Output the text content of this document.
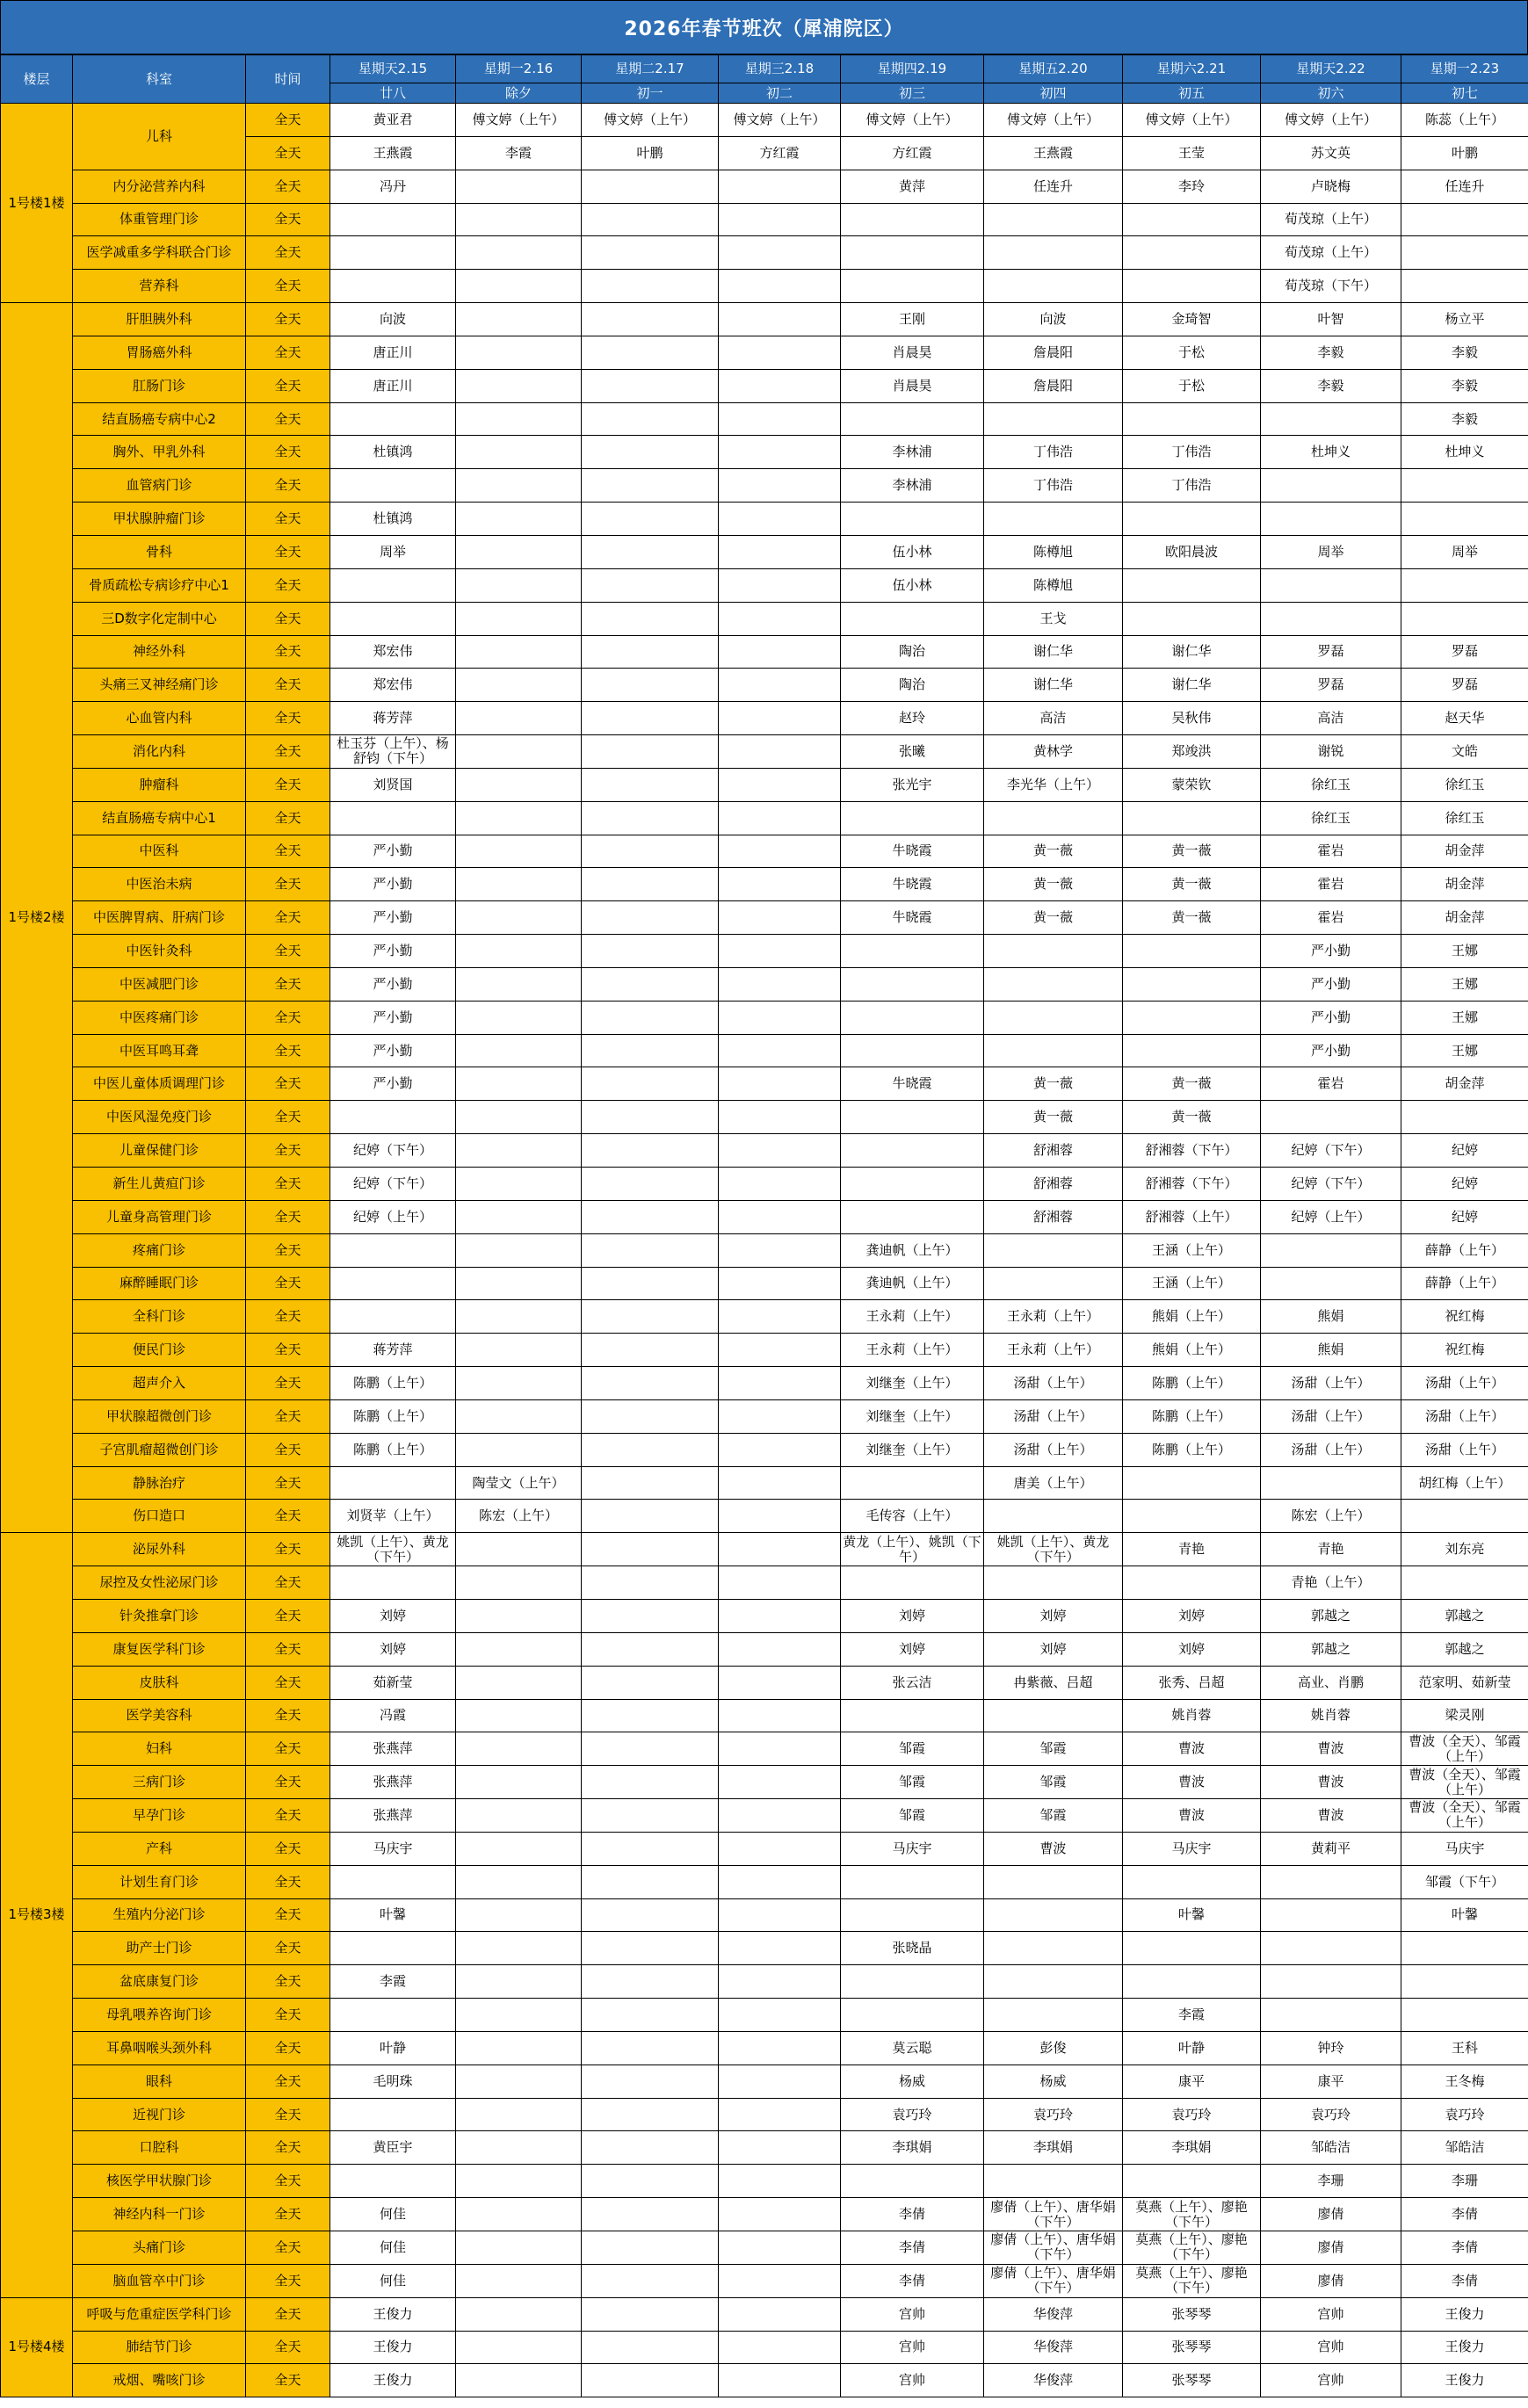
2026年春节班次（犀浦院区）
楼层	科室	时间	星期天2.15	星期一2.16	星期二2.17	星期三2.18	星期四2.19	星期五2.20	星期六2.21	星期天2.22	星期一2.23
			廿八	除夕	初一	初二	初三	初四	初五	初六	初七
1号楼1楼	儿科	全天	黄亚君	傅文婷（上午）	傅文婷（上午）	傅文婷（上午）	傅文婷（上午）	傅文婷（上午）	傅文婷（上午）	傅文婷（上午）	陈蕊（上午）
		全天	王燕霞	李霞	叶鹏	方红霞	方红霞	王燕霞	王莹	苏文英	叶鹏
	内分泌营养内科	全天	冯丹				黄萍	任连升	李玲	卢晓梅	任连升
	体重管理门诊	全天								荀茂琼（上午）	
	医学减重多学科联合门诊	全天								荀茂琼（上午）	
	营养科	全天								荀茂琼（下午）	
1号楼2楼	肝胆胰外科	全天	向波				王刚	向波	金琦智	叶智	杨立平
	胃肠癌外科	全天	唐正川				肖晨昊	詹晨阳	于松	李毅	李毅
	肛肠门诊	全天	唐正川				肖晨昊	詹晨阳	于松	李毅	李毅
	结直肠癌专病中心2	全天									李毅
	胸外、甲乳外科	全天	杜镇鸿				李林浦	丁伟浩	丁伟浩	杜坤义	杜坤义
	血管病门诊	全天					李林浦	丁伟浩	丁伟浩		
	甲状腺肿瘤门诊	全天	杜镇鸿								
	骨科	全天	周举				伍小林	陈樽旭	欧阳晨波	周举	周举
	骨质疏松专病诊疗中心1	全天					伍小林	陈樽旭			
	三D数字化定制中心	全天						王戈			
	神经外科	全天	郑宏伟				陶治	谢仁华	谢仁华	罗磊	罗磊
	头痛三叉神经痛门诊	全天	郑宏伟				陶治	谢仁华	谢仁华	罗磊	罗磊
	心血管内科	全天	蒋芳萍				赵玲	高洁	吴秋伟	高洁	赵天华
	消化内科	全天	杜玉芬（上午）、杨舒钧（下午）				张曦	黄林学	郑竣洪	谢锐	文皓
	肿瘤科	全天	刘贤国				张光宇	李光华（上午）	蒙荣钦	徐红玉	徐红玉
	结直肠癌专病中心1	全天								徐红玉	徐红玉
	中医科	全天	严小勤				牛晓霞	黄一薇	黄一薇	霍岩	胡金萍
	中医治未病	全天	严小勤				牛晓霞	黄一薇	黄一薇	霍岩	胡金萍
	中医脾胃病、肝病门诊	全天	严小勤				牛晓霞	黄一薇	黄一薇	霍岩	胡金萍
	中医针灸科	全天	严小勤							严小勤	王娜
	中医减肥门诊	全天	严小勤							严小勤	王娜
	中医疼痛门诊	全天	严小勤							严小勤	王娜
	中医耳鸣耳聋	全天	严小勤							严小勤	王娜
	中医儿童体质调理门诊	全天	严小勤				牛晓霞	黄一薇	黄一薇	霍岩	胡金萍
	中医风湿免疫门诊	全天						黄一薇	黄一薇		
	儿童保健门诊	全天	纪婷（下午）					舒湘蓉	舒湘蓉（下午）	纪婷（下午）	纪婷
	新生儿黄疸门诊	全天	纪婷（下午）					舒湘蓉	舒湘蓉（下午）	纪婷（下午）	纪婷
	儿童身高管理门诊	全天	纪婷（上午）					舒湘蓉	舒湘蓉（上午）	纪婷（上午）	纪婷
	疼痛门诊	全天					龚迪帆（上午）		王涵（上午）		薛静（上午）
	麻醉睡眠门诊	全天					龚迪帆（上午）		王涵（上午）		薛静（上午）
	全科门诊	全天					王永莉（上午）	王永莉（上午）	熊娟（上午）	熊娟	祝红梅
	便民门诊	全天	蒋芳萍				王永莉（上午）	王永莉（上午）	熊娟（上午）	熊娟	祝红梅
	超声介入	全天	陈鹏（上午）				刘继奎（上午）	汤甜（上午）	陈鹏（上午）	汤甜（上午）	汤甜（上午）
	甲状腺超微创门诊	全天	陈鹏（上午）				刘继奎（上午）	汤甜（上午）	陈鹏（上午）	汤甜（上午）	汤甜（上午）
	子宫肌瘤超微创门诊	全天	陈鹏（上午）				刘继奎（上午）	汤甜（上午）	陈鹏（上午）	汤甜（上午）	汤甜（上午）
	静脉治疗	全天		陶莹文（上午）				唐美（上午）			胡红梅（上午）
	伤口造口	全天	刘贤苹（上午）	陈宏（上午）			毛传容（上午）			陈宏（上午）	
1号楼3楼	泌尿外科	全天	姚凯（上午）、黄龙（下午）				黄龙（上午）、姚凯（下午）	姚凯（上午）、黄龙（下午）	青艳	青艳	刘东亮
	尿控及女性泌尿门诊	全天								青艳（上午）	
	针灸推拿门诊	全天	刘婷				刘婷	刘婷	刘婷	郭越之	郭越之
	康复医学科门诊	全天	刘婷				刘婷	刘婷	刘婷	郭越之	郭越之
	皮肤科	全天	茹新莹				张云洁	冉紫薇、吕超	张秀、吕超	高业、肖鹏	范家明、茹新莹
	医学美容科	全天	冯霞						姚肖蓉	姚肖蓉	梁灵刚
	妇科	全天	张燕萍				邹霞	邹霞	曹波	曹波	曹波（全天）、邹霞（上午）
	三病门诊	全天	张燕萍				邹霞	邹霞	曹波	曹波	曹波（全天）、邹霞（上午）
	早孕门诊	全天	张燕萍				邹霞	邹霞	曹波	曹波	曹波（全天）、邹霞（上午）
	产科	全天	马庆宇				马庆宇	曹波	马庆宇	黄莉平	马庆宇
	计划生育门诊	全天									邹霞（下午）
	生殖内分泌门诊	全天	叶馨						叶馨		叶馨
	助产士门诊	全天					张晓晶				
	盆底康复门诊	全天	李霞								
	母乳喂养咨询门诊	全天							李霞		
	耳鼻咽喉头颈外科	全天	叶静				莫云聪	彭俊	叶静	钟玲	王科
	眼科	全天	毛明珠				杨威	杨威	康平	康平	王冬梅
	近视门诊	全天					袁巧玲	袁巧玲	袁巧玲	袁巧玲	袁巧玲
	口腔科	全天	黄臣宇				李琪娟	李琪娟	李琪娟	邹皓洁	邹皓洁
	核医学甲状腺门诊	全天								李珊	李珊
	神经内科一门诊	全天	何佳				李倩	廖倩（上午）、唐华娟（下午）	莫燕（上午）、廖艳（下午）	廖倩	李倩
	头痛门诊	全天	何佳				李倩	廖倩（上午）、唐华娟（下午）	莫燕（上午）、廖艳（下午）	廖倩	李倩
	脑血管卒中门诊	全天	何佳				李倩	廖倩（上午）、唐华娟（下午）	莫燕（上午）、廖艳（下午）	廖倩	李倩
1号楼4楼	呼吸与危重症医学科门诊	全天	王俊力				宫帅	华俊萍	张琴琴	宫帅	王俊力
	肺结节门诊	全天	王俊力				宫帅	华俊萍	张琴琴	宫帅	王俊力
	戒烟、嘴咳门诊	全天	王俊力				宫帅	华俊萍	张琴琴	宫帅	王俊力
